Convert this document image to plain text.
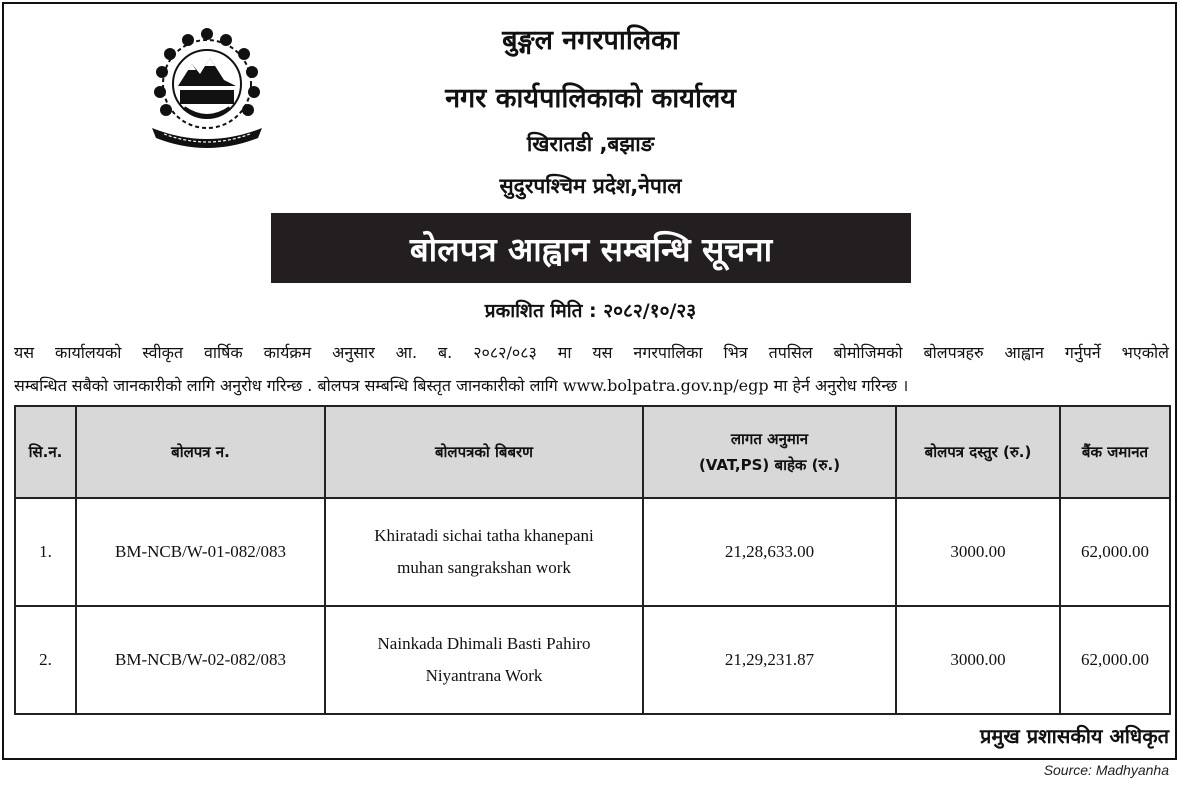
बुङ्गल नगरपालिका
नगर कार्यपालिकाको कार्यालय
खिरातडी ,बझाङ
सुदुरपश्चिम प्रदेश,नेपाल
बोलपत्र आह्वान सम्बन्धि सूचना
प्रकाशित मिति : २०८२/१०/२३
यस कार्यालयको स्वीकृत वार्षिक कार्यक्रम अनुसार आ. ब. २०८२/०८३ मा यस नगरपालिका भित्र तपसिल बोमोजिमको बोलपत्रहरु आह्वान गर्नुपर्ने भएकोले
सम्बन्धित सबैको जानकारीको लागि अनुरोध गरिन्छ . बोलपत्र सम्बन्धि बिस्तृत जानकारीको लागि www.bolpatra.gov.np/egp मा हेर्न अनुरोध गरिन्छ ।
सि.न.	बोलपत्र न.	बोलपत्रको बिबरण	लागत अनुमान
(VAT,PS) बाहेक (रु.)	बोलपत्र दस्तुर (रु.)	बैंक जमानत
1.	BM-NCB/W-01-082/083	Khiratadi sichai tatha khanepani
muhan sangrakshan work	21,28,633.00	3000.00	62,000.00
2.	BM-NCB/W-02-082/083	Nainkada Dhimali Basti Pahiro
Niyantrana Work	21,29,231.87	3000.00	62,000.00
प्रमुख प्रशासकीय अधिकृत
Source: Madhyanha
